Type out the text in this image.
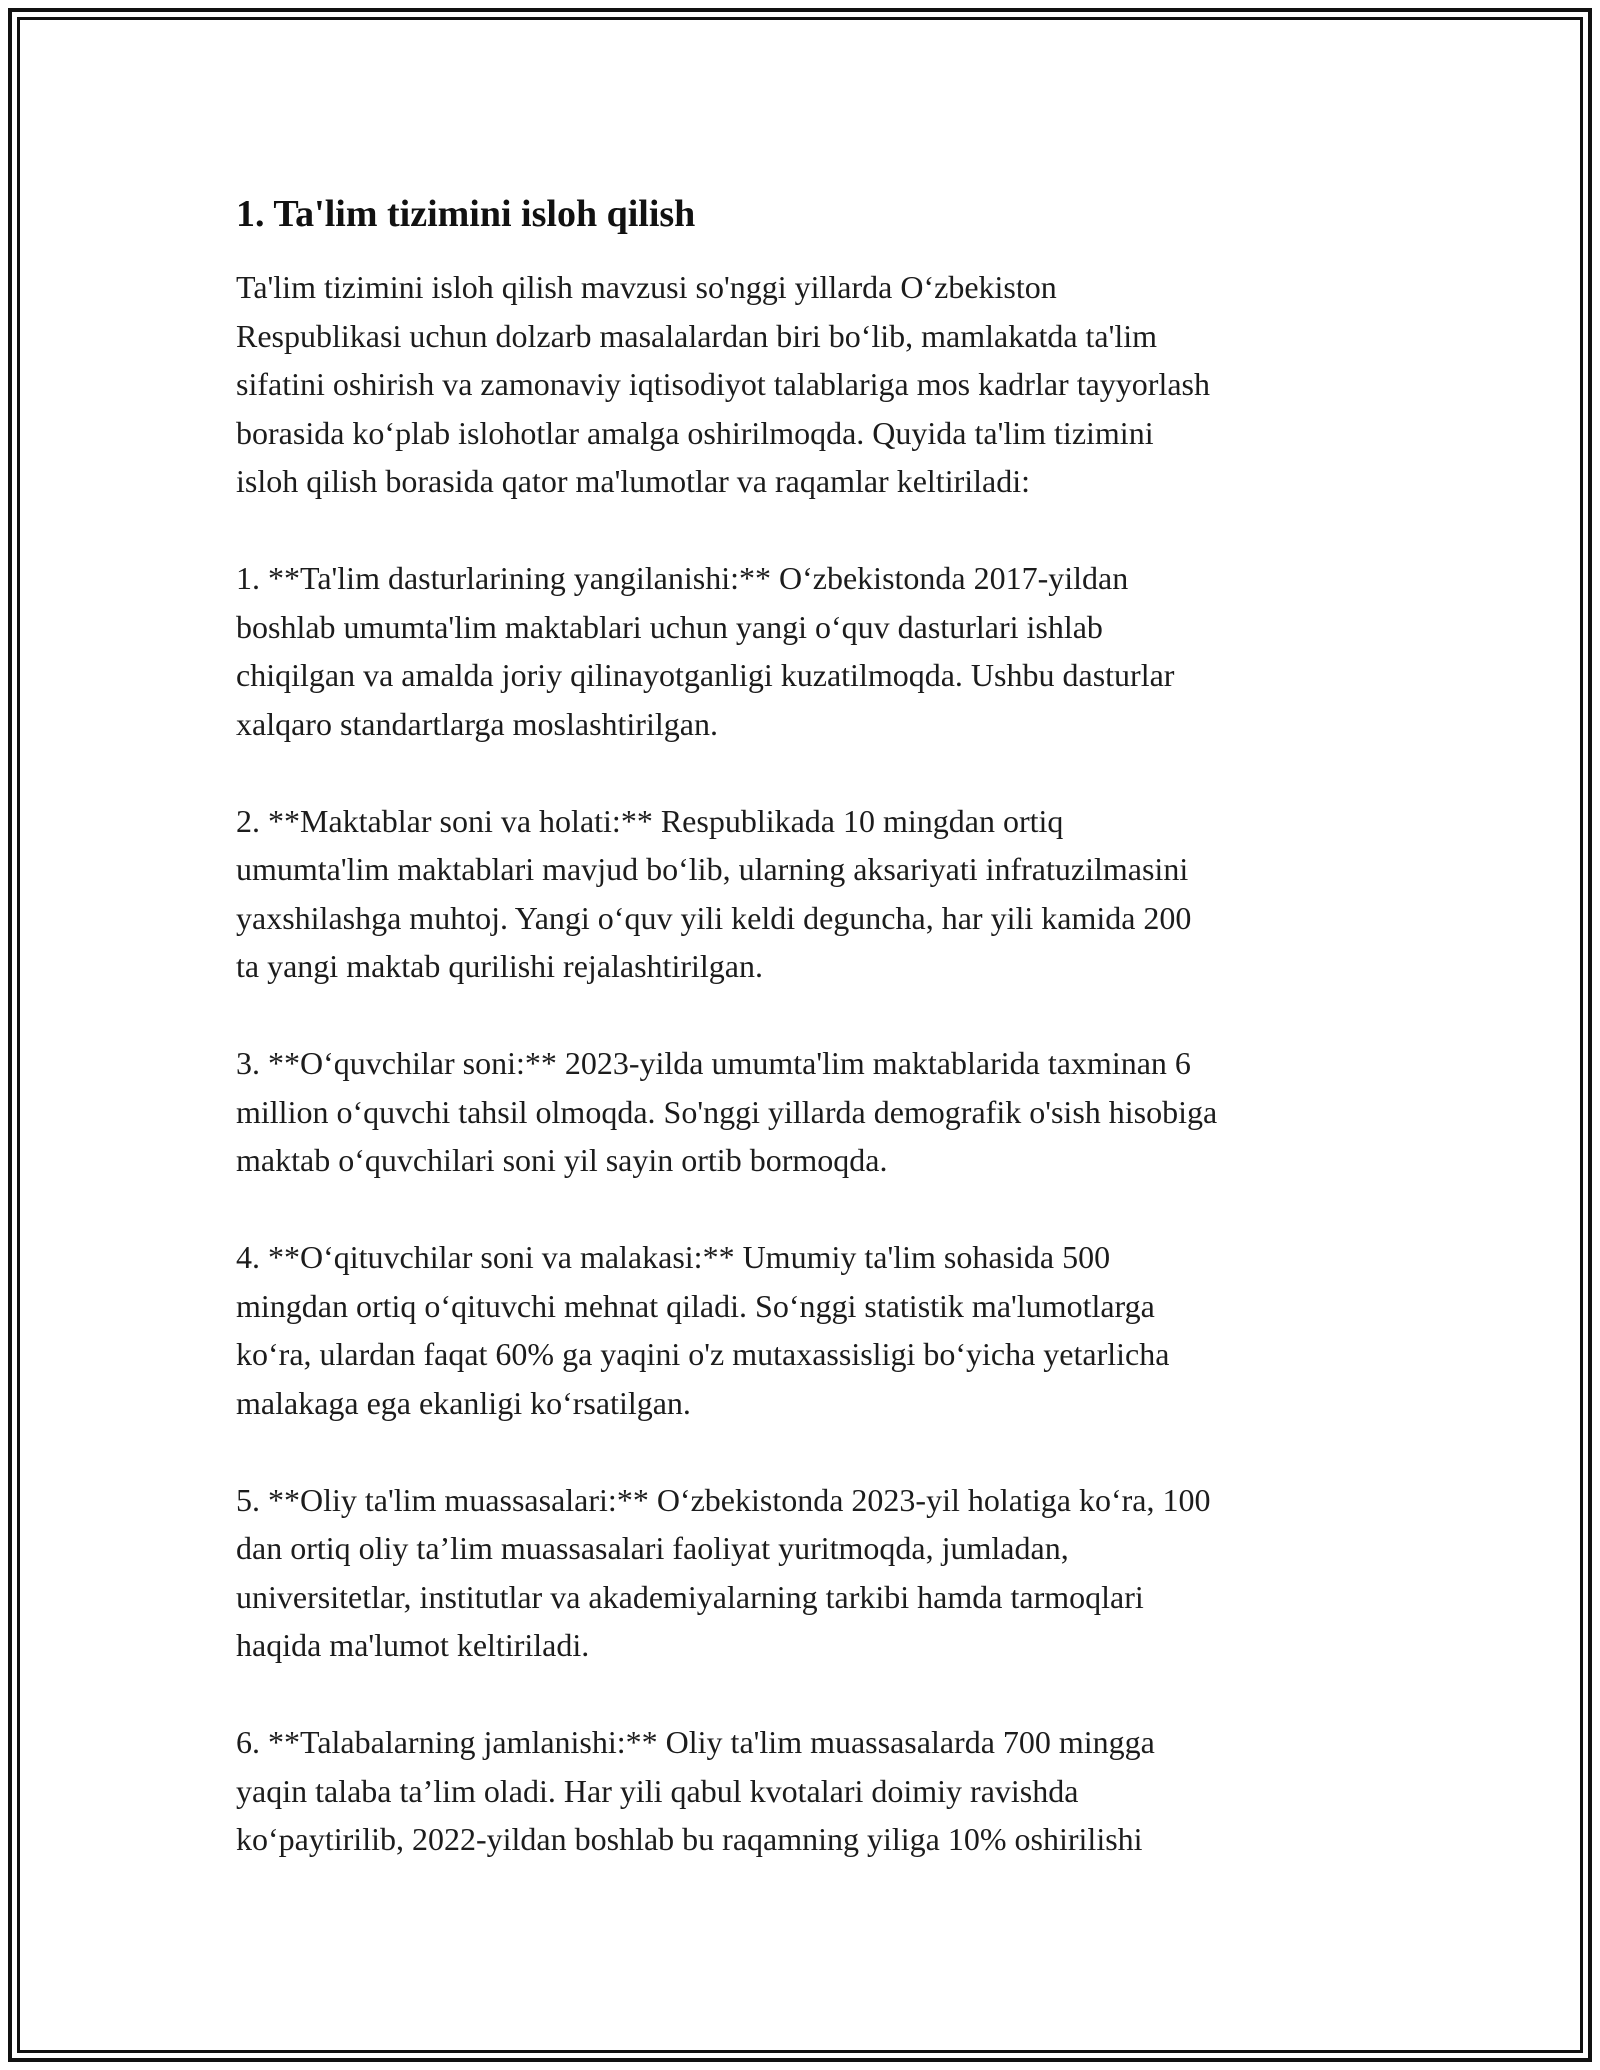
1. Ta'lim tizimini isloh qilish

Ta'lim tizimini isloh qilish mavzusi so'nggi yillarda Oʻzbekiston
Respublikasi uchun dolzarb masalalardan biri boʻlib, mamlakatda ta'lim
sifatini oshirish va zamonaviy iqtisodiyot talablariga mos kadrlar tayyorlash
borasida koʻplab islohotlar amalga oshirilmoqda. Quyida ta'lim tizimini
isloh qilish borasida qator ma'lumotlar va raqamlar keltiriladi:

1. **Ta'lim dasturlarining yangilanishi:** Oʻzbekistonda 2017-yildan
boshlab umumta'lim maktablari uchun yangi oʻquv dasturlari ishlab
chiqilgan va amalda joriy qilinayotganligi kuzatilmoqda. Ushbu dasturlar
xalqaro standartlarga moslashtirilgan.

2. **Maktablar soni va holati:** Respublikada 10 mingdan ortiq
umumta'lim maktablari mavjud boʻlib, ularning aksariyati infratuzilmasini
yaxshilashga muhtoj. Yangi oʻquv yili keldi deguncha, har yili kamida 200
ta yangi maktab qurilishi rejalashtirilgan.

3. **Oʻquvchilar soni:** 2023-yilda umumta'lim maktablarida taxminan 6
million oʻquvchi tahsil olmoqda. So'nggi yillarda demografik o'sish hisobiga
maktab oʻquvchilari soni yil sayin ortib bormoqda.

4. **Oʻqituvchilar soni va malakasi:** Umumiy ta'lim sohasida 500
mingdan ortiq oʻqituvchi mehnat qiladi. Soʻnggi statistik ma'lumotlarga
koʻra, ulardan faqat 60% ga yaqini o'z mutaxassisligi boʻyicha yetarlicha
malakaga ega ekanligi koʻrsatilgan.

5. **Oliy ta'lim muassasalari:** Oʻzbekistonda 2023-yil holatiga koʻra, 100
dan ortiq oliy ta’lim muassasalari faoliyat yuritmoqda, jumladan,
universitetlar, institutlar va akademiyalarning tarkibi hamda tarmoqlari
haqida ma'lumot keltiriladi.

6. **Talabalarning jamlanishi:** Oliy ta'lim muassasalarda 700 mingga
yaqin talaba ta’lim oladi. Har yili qabul kvotalari doimiy ravishda
koʻpaytirilib, 2022-yildan boshlab bu raqamning yiliga 10% oshirilishi
